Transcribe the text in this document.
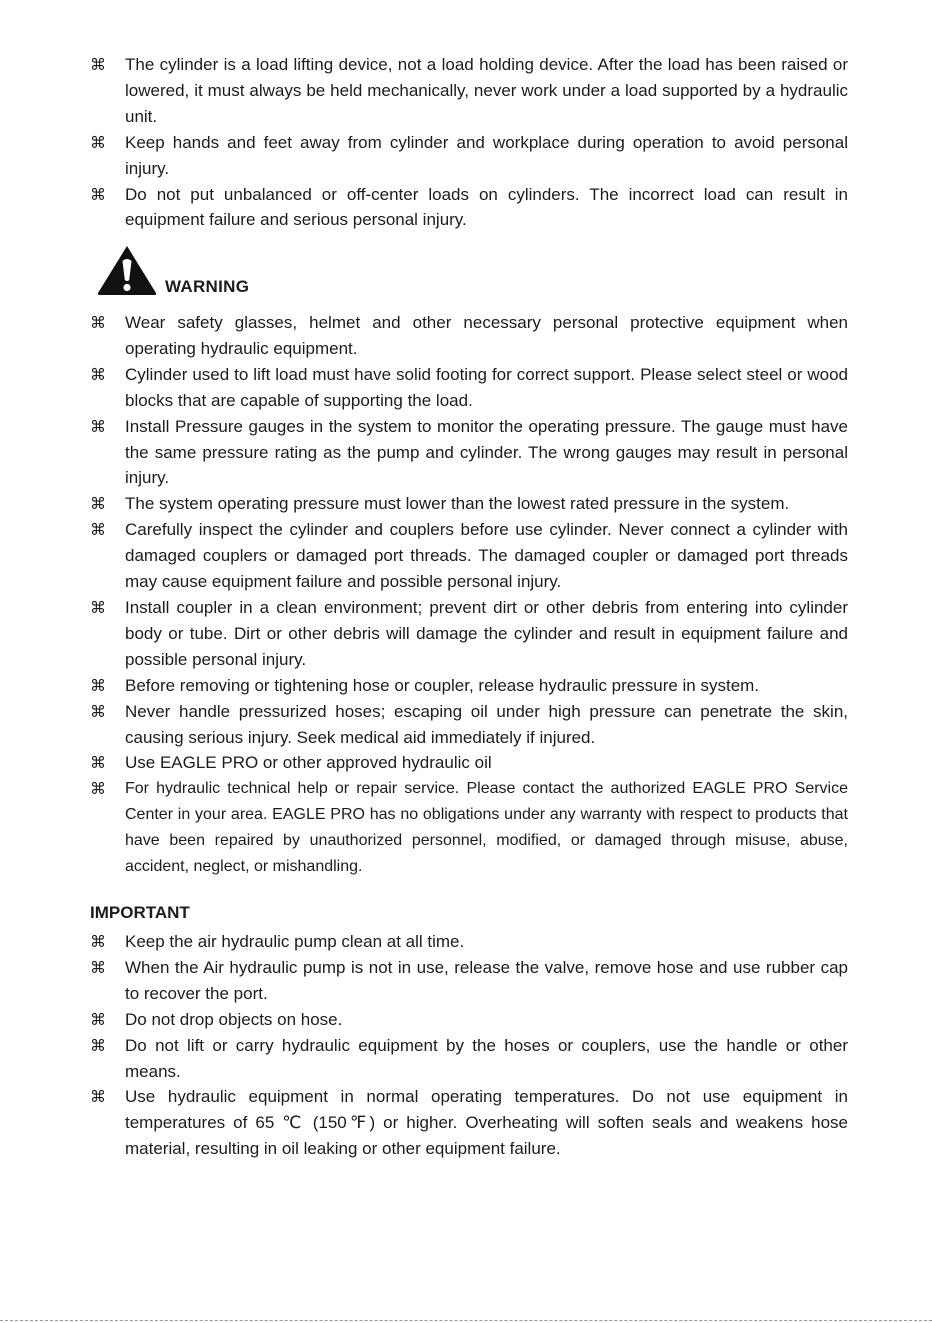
⌘ The cylinder is a load lifting device, not a load holding device. After the load has been raised or lowered, it must always be held mechanically, never work under a load supported by a hydraulic unit.
⌘ Keep hands and feet away from cylinder and workplace during operation to avoid personal injury.
⌘ Do not put unbalanced or off-center loads on cylinders. The incorrect load can result in equipment failure and serious personal injury.
WARNING
⌘ Wear safety glasses, helmet and other necessary personal protective equipment when operating hydraulic equipment.
⌘ Cylinder used to lift load must have solid footing for correct support. Please select steel or wood blocks that are capable of supporting the load.
⌘ Install Pressure gauges in the system to monitor the operating pressure. The gauge must have the same pressure rating as the pump and cylinder. The wrong gauges may result in personal injury.
⌘ The system operating pressure must lower than the lowest rated pressure in the system.
⌘ Carefully inspect the cylinder and couplers before use cylinder. Never connect a cylinder with damaged couplers or damaged port threads. The damaged coupler or damaged port threads may cause equipment failure and possible personal injury.
⌘ Install coupler in a clean environment; prevent dirt or other debris from entering into cylinder body or tube. Dirt or other debris will damage the cylinder and result in equipment failure and possible personal injury.
⌘ Before removing or tightening hose or coupler, release hydraulic pressure in system.
⌘ Never handle pressurized hoses; escaping oil under high pressure can penetrate the skin, causing serious injury. Seek medical aid immediately if injured.
⌘ Use EAGLE PRO or other approved hydraulic oil
⌘ For hydraulic technical help or repair service. Please contact the authorized EAGLE PRO Service Center in your area. EAGLE PRO has no obligations under any warranty with respect to products that have been repaired by unauthorized personnel, modified, or damaged through misuse, abuse, accident, neglect, or mishandling.
IMPORTANT
⌘ Keep the air hydraulic pump clean at all time.
⌘ When the Air hydraulic pump is not in use, release the valve, remove hose and use rubber cap to recover the port.
⌘ Do not drop objects on hose.
⌘ Do not lift or carry hydraulic equipment by the hoses or couplers, use the handle or other means.
⌘ Use hydraulic equipment in normal operating temperatures. Do not use equipment in temperatures of 65 ℃ (150℉) or higher. Overheating will soften seals and weakens hose material, resulting in oil leaking or other equipment failure.
